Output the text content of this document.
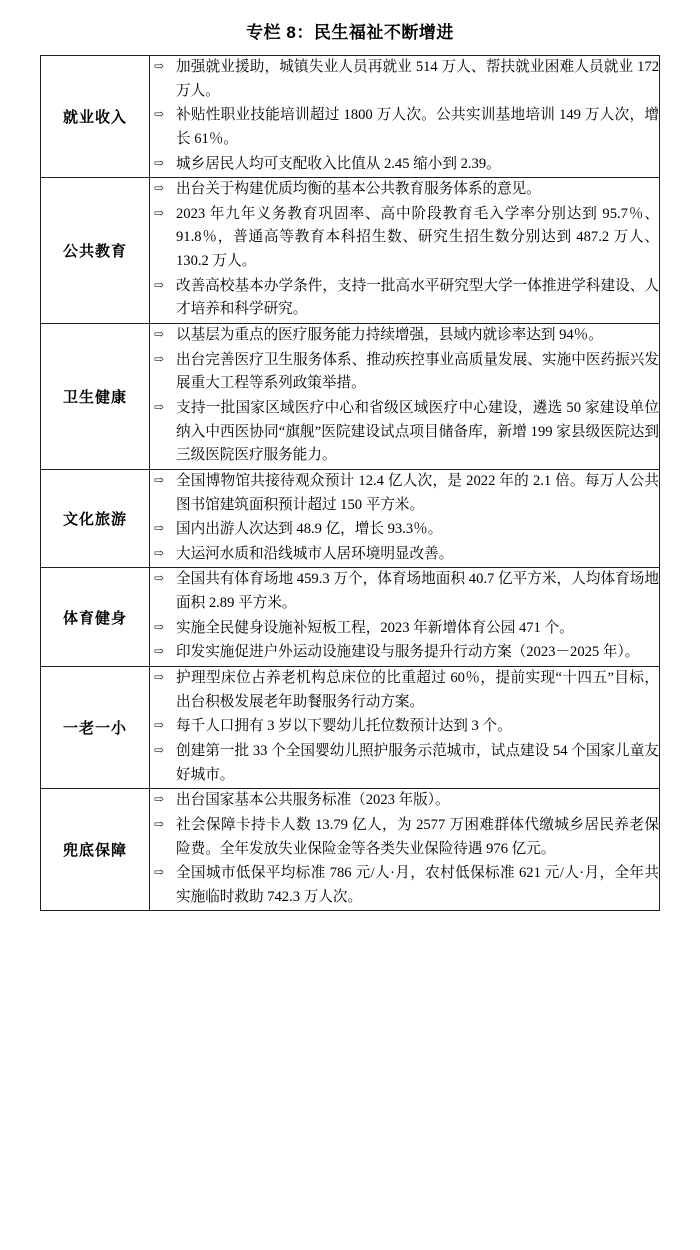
专栏 8：民生福祉不断增进
就业收入	
⇨ 加强就业援助，城镇失业人员再就业 514 万人、帮扶就业困难人员就业 172 万人。
⇨ 补贴性职业技能培训超过 1800 万人次。公共实训基地培训 149 万人次，增长 61％。
⇨ 城乡居民人均可支配收入比值从 2.45 缩小到 2.39。

公共教育	
⇨ 出台关于构建优质均衡的基本公共教育服务体系的意见。
⇨ 2023 年九年义务教育巩固率、高中阶段教育毛入学率分别达到 95.7％、91.8％，普通高等教育本科招生数、研究生招生数分别达到 487.2 万人、130.2 万人。
⇨ 改善高校基本办学条件，支持一批高水平研究型大学一体推进学科建设、人才培养和科学研究。

卫生健康	
⇨ 以基层为重点的医疗服务能力持续增强，县域内就诊率达到 94％。
⇨ 出台完善医疗卫生服务体系、推动疾控事业高质量发展、实施中医药振兴发展重大工程等系列政策举措。
⇨ 支持一批国家区域医疗中心和省级区域医疗中心建设，遴选 50 家建设单位纳入中西医协同“旗舰”医院建设试点项目储备库，新增 199 家县级医院达到三级医院医疗服务能力。

文化旅游	
⇨ 全国博物馆共接待观众预计 12.4 亿人次，是 2022 年的 2.1 倍。每万人公共图书馆建筑面积预计超过 150 平方米。
⇨ 国内出游人次达到 48.9 亿，增长 93.3％。
⇨ 大运河水质和沿线城市人居环境明显改善。

体育健身	
⇨ 全国共有体育场地 459.3 万个，体育场地面积 40.7 亿平方米，人均体育场地面积 2.89 平方米。
⇨ 实施全民健身设施补短板工程，2023 年新增体育公园 471 个。
⇨ 印发实施促进户外运动设施建设与服务提升行动方案（2023－2025 年）。

一老一小	
⇨ 护理型床位占养老机构总床位的比重超过 60％，提前实现“十四五”目标，出台积极发展老年助餐服务行动方案。
⇨ 每千人口拥有 3 岁以下婴幼儿托位数预计达到 3 个。
⇨ 创建第一批 33 个全国婴幼儿照护服务示范城市，试点建设 54 个国家儿童友好城市。

兜底保障	
⇨ 出台国家基本公共服务标准（2023 年版）。
⇨ 社会保障卡持卡人数 13.79 亿人，为 2577 万困难群体代缴城乡居民养老保险费。全年发放失业保险金等各类失业保险待遇 976 亿元。
⇨ 全国城市低保平均标准 786 元/人·月，农村低保标准 621 元/人·月，全年共实施临时救助 742.3 万人次。
